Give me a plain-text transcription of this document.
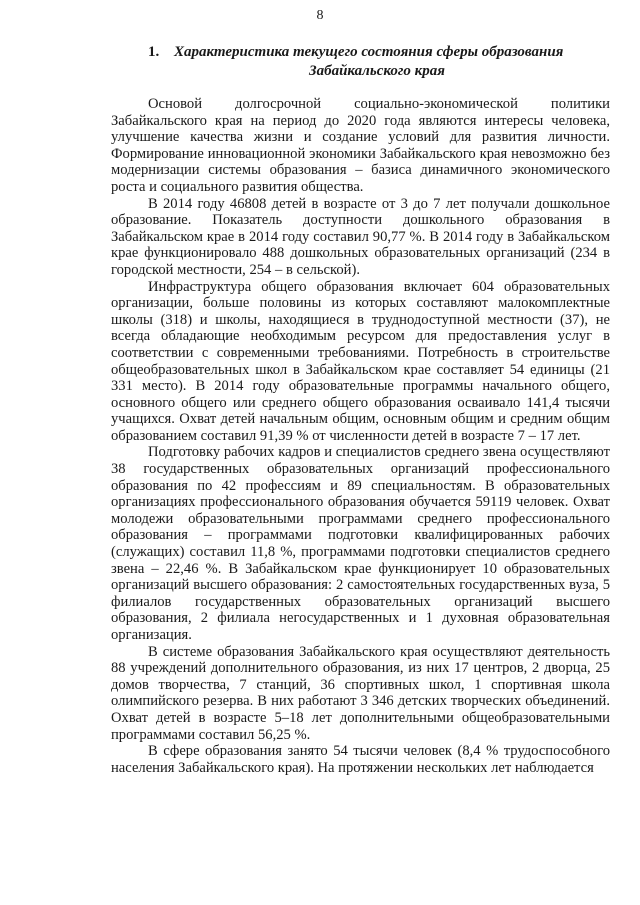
8
1. Характеристика текущего состояния сферы образования
Забайкальского края

Основой долгосрочной социально-экономической политики Забайкальского края на период до 2020 года являются интересы человека, улучшение качества жизни и создание условий для развития личности. Формирование инновационной экономики Забайкальского края невозможно без модернизации системы образования – базиса динамичного экономического роста и социального развития общества.

В 2014 году 46808 детей в возрасте от 3 до 7 лет получали дошкольное образование. Показатель доступности дошкольного образования в Забайкальском крае в 2014 году составил 90,77 %. В 2014 году в Забайкальском крае функционировало 488 дошкольных образовательных организаций (234 в городской местности, 254 – в сельской).

Инфраструктура общего образования включает 604 образовательных организации, больше половины из которых составляют малокомплектные школы (318) и школы, находящиеся в труднодоступной местности (37), не всегда обладающие необходимым ресурсом для предоставления услуг в соответствии с современными требованиями. Потребность в строительстве общеобразовательных школ в Забайкальском крае составляет 54 единицы (21 331 место). В 2014 году образовательные программы начального общего, основного общего или среднего общего образования осваивало 141,4 тысячи учащихся. Охват детей начальным общим, основным общим и средним общим образованием составил 91,39 % от численности детей в возрасте 7 – 17 лет.

Подготовку рабочих кадров и специалистов среднего звена осуществляют 38 государственных образовательных организаций профессионального образования по 42 профессиям и 89 специальностям. В образовательных организациях профессионального образования обучается 59119 человек. Охват молодежи образовательными программами среднего профессионального образования – программами подготовки квалифицированных рабочих (служащих) составил 11,8 %, программами подготовки специалистов среднего звена – 22,46 %. В Забайкальском крае функционирует 10 образовательных организаций высшего образования: 2 самостоятельных государственных вуза, 5 филиалов государственных образовательных организаций высшего образования, 2 филиала негосударственных и 1 духовная образовательная организация.

В системе образования Забайкальского края осуществляют деятельность 88 учреждений дополнительного образования, из них 17 центров, 2 дворца, 25 домов творчества, 7 станций, 36 спортивных школ, 1 спортивная школа олимпийского резерва. В них работают 3 346 детских творческих объединений. Охват детей в возрасте 5–18 лет дополнительными общеобразовательными программами составил 56,25 %.

В сфере образования занято 54 тысячи человек (8,4 % трудоспособного населения Забайкальского края). На протяжении нескольких лет наблюдается
